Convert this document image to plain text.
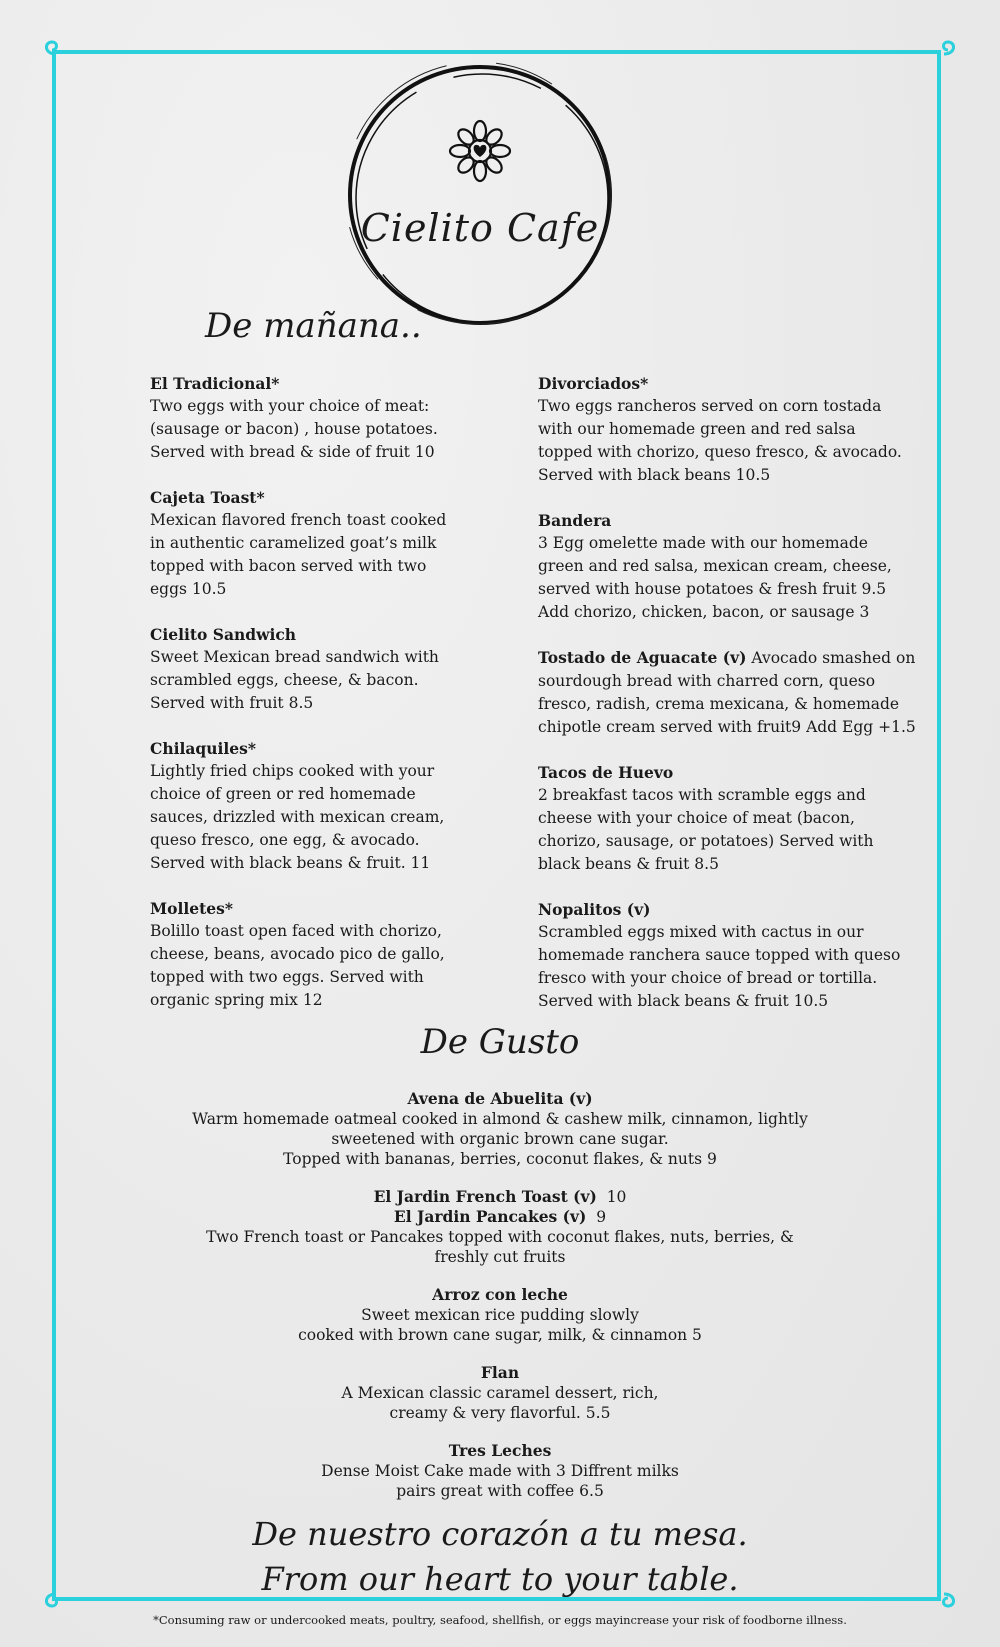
Cielito Cafe
De mañana..
El Tradicional*
Two eggs with your choice of meat:
(sausage or bacon) , house potatoes.
Served with bread & side of fruit 10
Cajeta Toast*
Mexican flavored french toast cooked
in authentic caramelized goat’s milk
topped with bacon served with two
eggs 10.5
Cielito Sandwich
Sweet Mexican bread sandwich with
scrambled eggs, cheese, & bacon.
Served with fruit 8.5
Chilaquiles*
Lightly fried chips cooked with your
choice of green or red homemade
sauces, drizzled with mexican cream,
queso fresco, one egg, & avocado.
Served with black beans & fruit. 11
Molletes*
Bolillo toast open faced with chorizo,
cheese, beans, avocado pico de gallo,
topped with two eggs. Served with
organic spring mix 12
Divorciados*
Two eggs rancheros served on corn tostada
with our homemade green and red salsa
topped with chorizo, queso fresco, & avocado.
Served with black beans 10.5
Bandera
3 Egg omelette made with our homemade
green and red salsa, mexican cream, cheese,
served with house potatoes & fresh fruit 9.5
Add chorizo, chicken, bacon, or sausage 3
Tostado de Aguacate (v) Avocado smashed on
sourdough bread with charred corn, queso
fresco, radish, crema mexicana, & homemade
chipotle cream served with fruit9 Add Egg +1.5
Tacos de Huevo
2 breakfast tacos with scramble eggs and
cheese with your choice of meat (bacon,
chorizo, sausage, or potatoes) Served with
black beans & fruit 8.5
Nopalitos (v)
Scrambled eggs mixed with cactus in our
homemade ranchera sauce topped with queso
fresco with your choice of bread or tortilla.
Served with black beans & fruit 10.5
De Gusto
Avena de Abuelita (v)
Warm homemade oatmeal cooked in almond & cashew milk, cinnamon, lightly
sweetened with organic brown cane sugar.
Topped with bananas, berries, coconut flakes, & nuts 9
El Jardin French Toast (v) 10
El Jardin Pancakes (v) 9
Two French toast or Pancakes topped with coconut flakes, nuts, berries, &
freshly cut fruits
Arroz con leche
Sweet mexican rice pudding slowly
cooked with brown cane sugar, milk, & cinnamon 5
Flan
A Mexican classic caramel dessert, rich,
creamy & very flavorful. 5.5
Tres Leches
Dense Moist Cake made with 3 Diffrent milks
pairs great with coffee 6.5
De nuestro corazón a tu mesa.
From our heart to your table.
*Consuming raw or undercooked meats, poultry, seafood, shellfish, or eggs mayincrease your risk of foodborne illness.
